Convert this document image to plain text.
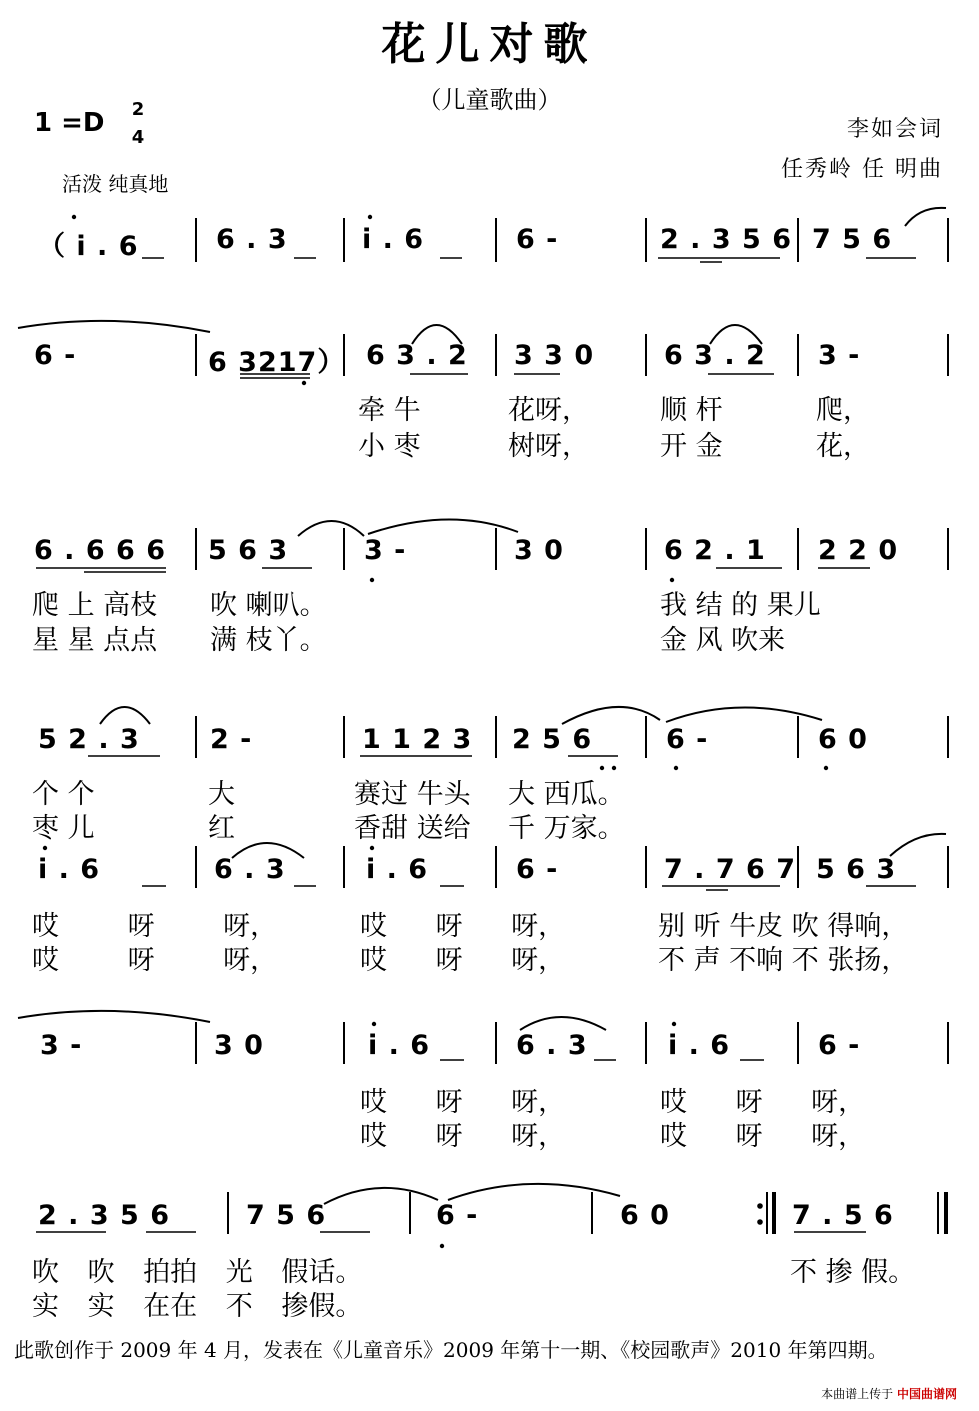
花儿对歌
（儿童歌曲）
1 =D 2
4
活泼 纯真地
李如会词
任秀岭 任 明曲
（ i . 6	6 . 3	i . 6	6 -	2 . 3 5 6 7 5 6
6 -	6 3217） 6 3 . 2 3 3 0	6 3 . 2 3 -
牵 牛	花呀，	顺 杆	爬，
小 枣	树呀，	开 金	花，
6 . 6 6 6 5 6 3	3 -	3 0	6 2 . 1 2 2 0
爬 上 高枝 吹 喇叭。	我 结 的 果儿
星 星 点点 满 枝丫。	金 风 吹来
5 2 . 3	2 -	1 1 2 3 2 5 6	6 -	6 0
个 个	大	赛过 牛头 大 西瓜。
枣 儿	红	香甜 送给 千 万家。
i . 6	6 . 3	i . 6	6 -	7 . 7 6 7 5 6 3
哎 呀 呀，	哎 呀 呀，	别 听 牛皮 吹 得响，
哎 呀 呀，	哎 呀 呀，	不 声 不响 不 张扬，
3 -	3 0	i . 6	6 . 3	i . 6	6 -
哎 呀 呀，	哎 呀 呀，
哎 呀 呀，	哎 呀 呀，
2 . 3 5 6	7 5 6	6 -	6 0	7 . 5 6
吹 吹 拍拍 光 假话。	不 掺 假。
实 实 在在 不 掺假。
此歌创作于 2009 年 4 月，发表在《儿童音乐》2009 年第十一期、《校园歌声》2010 年第四期。
本曲谱上传于 中国曲谱网
